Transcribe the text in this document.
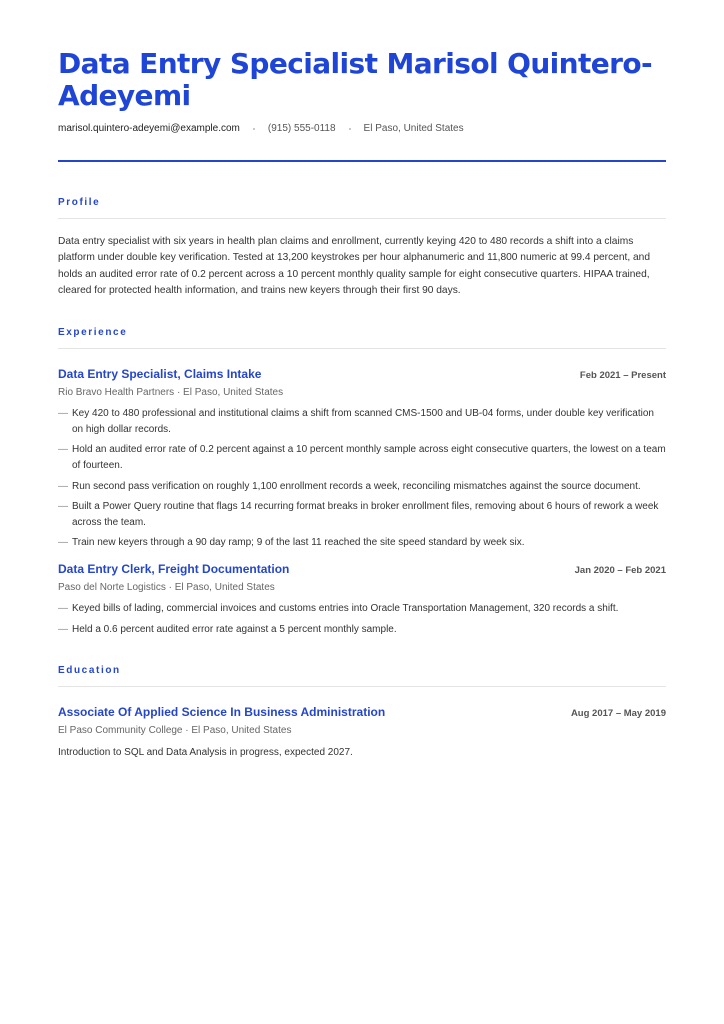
Data Entry Specialist Marisol Quintero-Adeyemi
marisol.quintero-adeyemi@example.com	(915) 555-0118	El Paso, United States
Profile

Data entry specialist with six years in health plan claims and enrollment, currently keying 420 to 480 records a shift into a claims platform under double key verification. Tested at 13,200 keystrokes per hour alphanumeric and 11,800 numeric at 99.4 percent, and holds an audited error rate of 0.2 percent across a 10 percent monthly quality sample for eight consecutive quarters. HIPAA trained, cleared for protected health information, and trains new keyers through their first 90 days.

Experience
Data Entry Specialist, Claims Intake	Feb 2021 – Present
Rio Bravo Health Partners · El Paso, United States
— Key 420 to 480 professional and institutional claims a shift from scanned CMS-1500 and UB-04 forms, under double key verification on high dollar records.
— Hold an audited error rate of 0.2 percent against a 10 percent monthly sample across eight consecutive quarters, the lowest on a team of fourteen.
— Run second pass verification on roughly 1,100 enrollment records a week, reconciling mismatches against the source document.
— Built a Power Query routine that flags 14 recurring format breaks in broker enrollment files, removing about 6 hours of rework a week across the team.
— Train new keyers through a 90 day ramp; 9 of the last 11 reached the site speed standard by week six.
Data Entry Clerk, Freight Documentation	Jan 2020 – Feb 2021
Paso del Norte Logistics · El Paso, United States
— Keyed bills of lading, commercial invoices and customs entries into Oracle Transportation Management, 320 records a shift.
— Held a 0.6 percent audited error rate against a 5 percent monthly sample.
Education
Associate Of Applied Science In Business Administration	Aug 2017 – May 2019
El Paso Community College · El Paso, United States
Introduction to SQL and Data Analysis in progress, expected 2027.
